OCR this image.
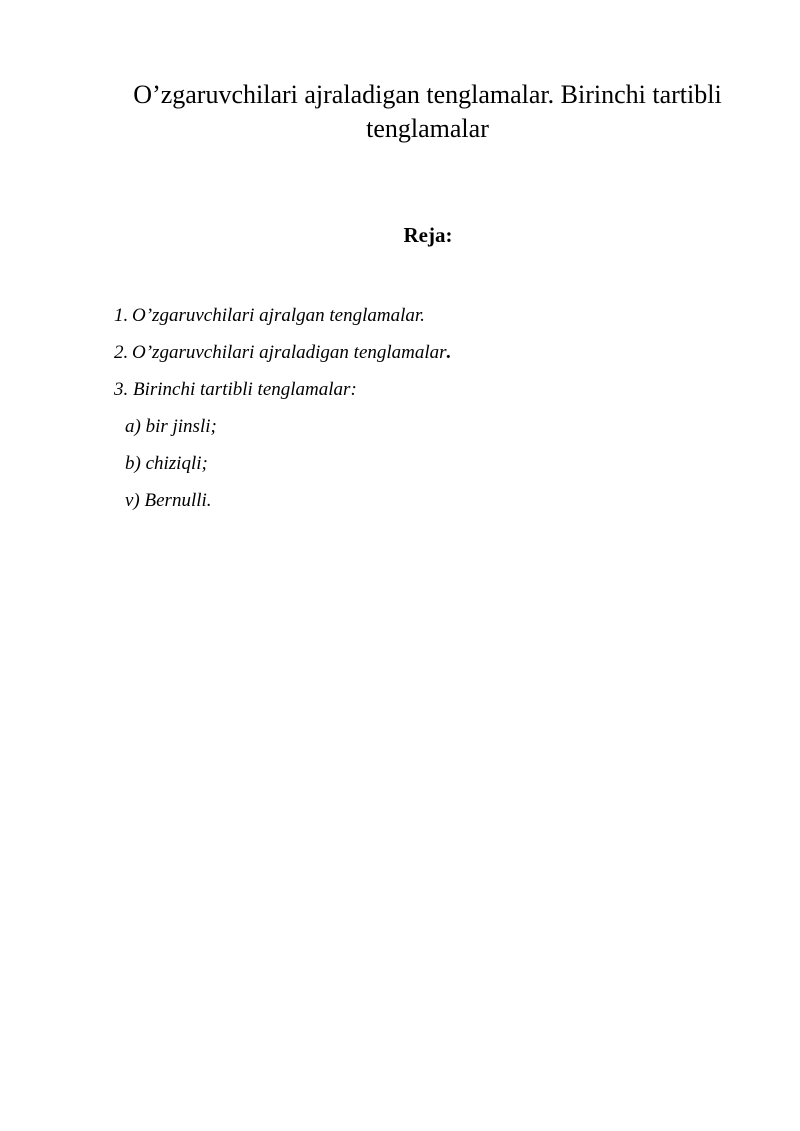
O’zgaruvchilari ajraladigan tenglamalar. Birinchi tartibli tenglamalar
Reja:
1. O’zgaruvchilari ajralgan tenglamalar.
2. O’zgaruvchilari ajraladigan tenglamalar.
3. Birinchi tartibli tenglamalar:
a) bir jinsli;
b) chiziqli;
v) Bernulli.
